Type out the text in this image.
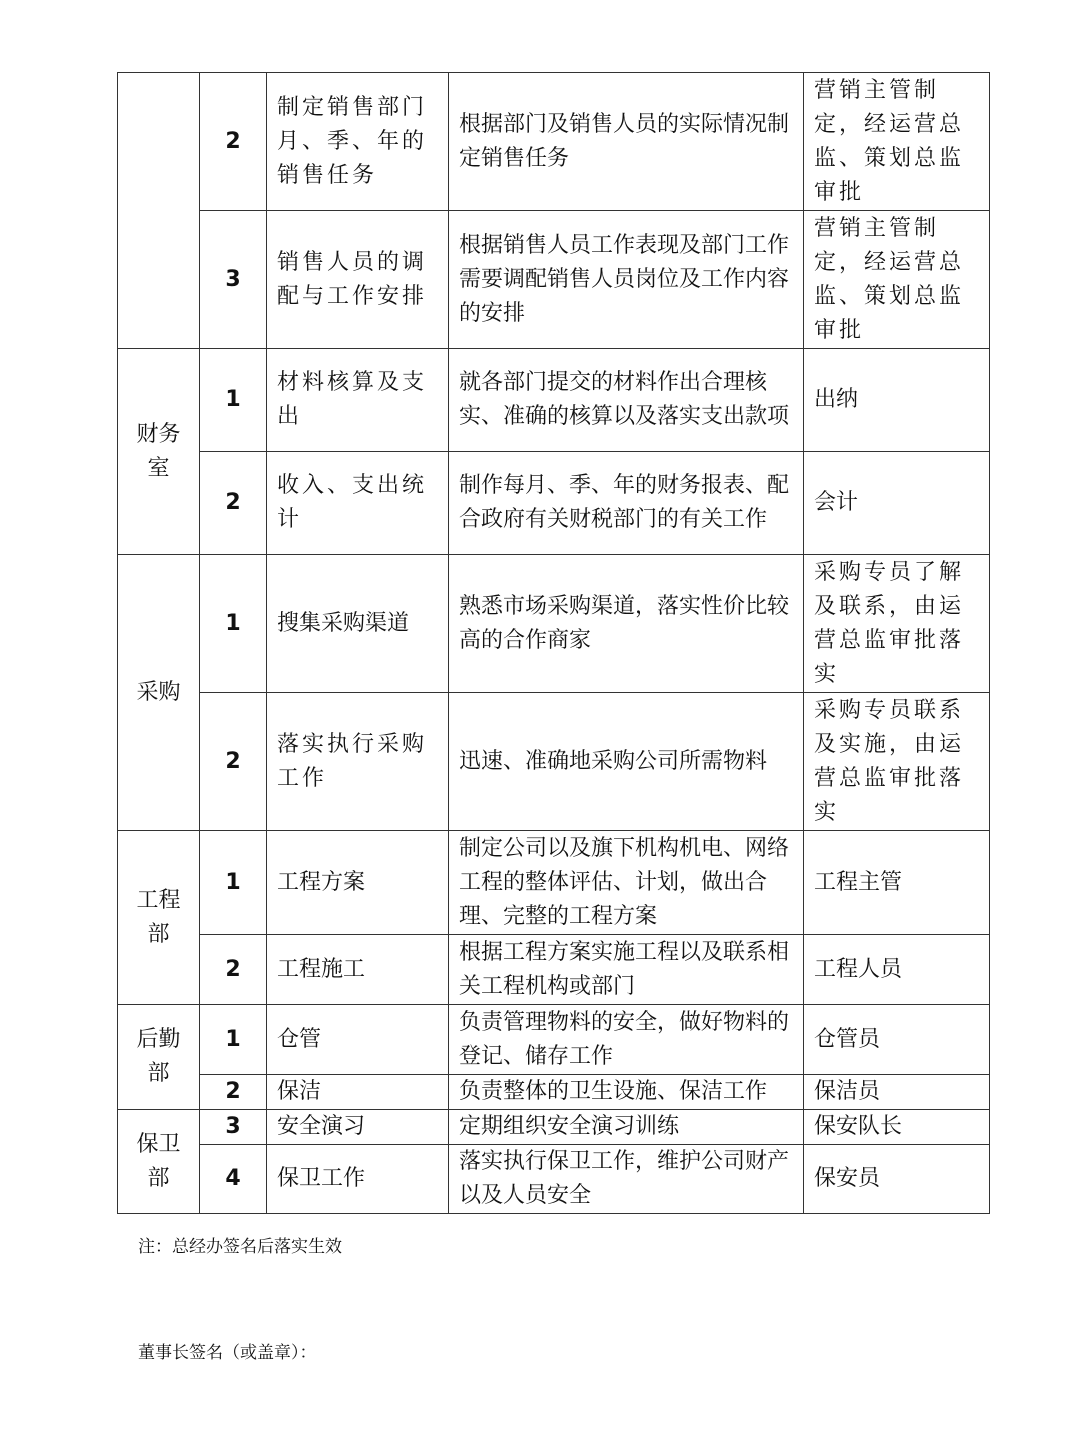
	2	制定销售部门月、季、年的销售任务	根据部门及销售人员的实际情况制定销售任务	营销主管制定，经运营总监、策划总监审批
	3	销售人员的调配与工作安排	根据销售人员工作表现及部门工作需要调配销售人员岗位及工作内容的安排	营销主管制定，经运营总监、策划总监审批
财务室	1	材料核算及支出	就各部门提交的材料作出合理核实、准确的核算以及落实支出款项	出纳
	2	收入、支出统计	制作每月、季、年的财务报表、配合政府有关财税部门的有关工作	会计
采购	1	搜集采购渠道	熟悉市场采购渠道，落实性价比较高的合作商家	采购专员了解及联系，由运营总监审批落实
	2	落实执行采购工作	迅速、准确地采购公司所需物料	采购专员联系及实施，由运营总监审批落实
工程部	1	工程方案	制定公司以及旗下机构机电、网络工程的整体评估、计划，做出合理、完整的工程方案	工程主管
	2	工程施工	根据工程方案实施工程以及联系相关工程机构或部门	工程人员
后勤部	1	仓管	负责管理物料的安全，做好物料的登记、储存工作	仓管员
	2	保洁	负责整体的卫生设施、保洁工作	保洁员
保卫部	3	安全演习	定期组织安全演习训练	保安队长
	4	保卫工作	落实执行保卫工作，维护公司财产以及人员安全	保安员
注：总经办签名后落实生效
董事长签名（或盖章）：
